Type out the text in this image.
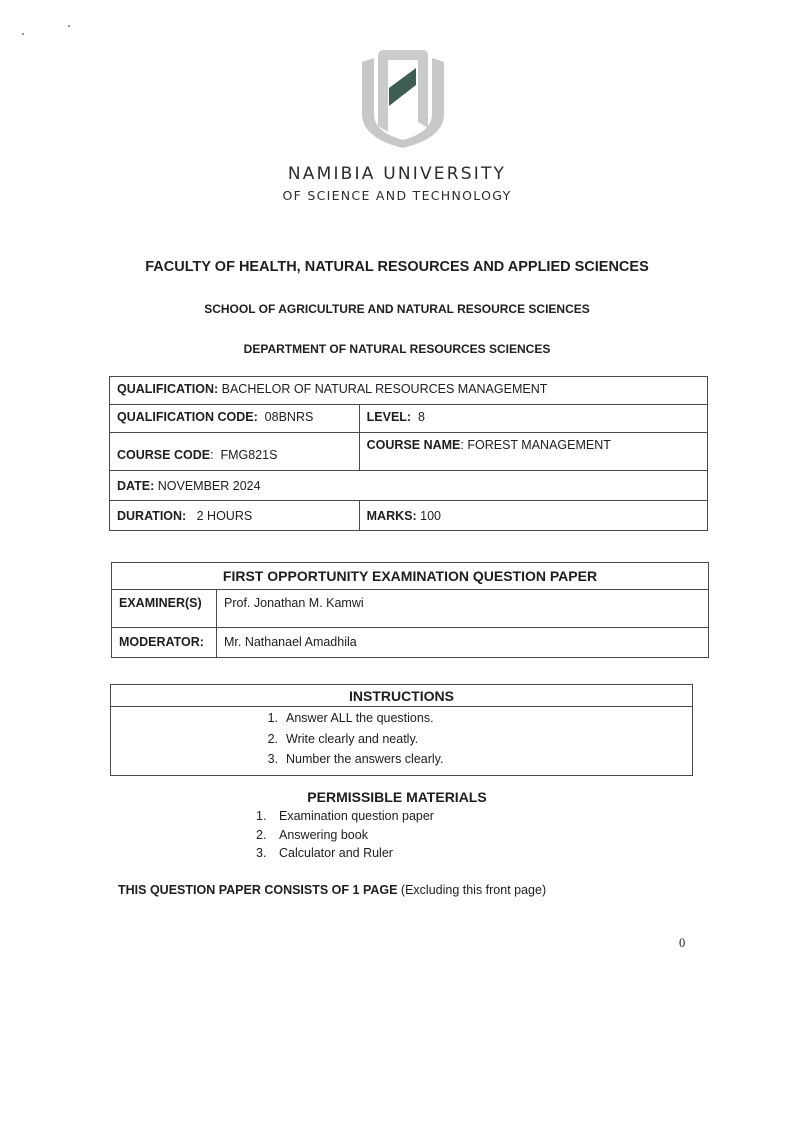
NAMIBIA UNIVERSITY
OF SCIENCE AND TECHNOLOGY
FACULTY OF HEALTH, NATURAL RESOURCES AND APPLIED SCIENCES
SCHOOL OF AGRICULTURE AND NATURAL RESOURCE SCIENCES
DEPARTMENT OF NATURAL RESOURCES SCIENCES
QUALIFICATION: BACHELOR OF NATURAL RESOURCES MANAGEMENT	
QUALIFICATION CODE:  08BNRS	LEVEL:  8
COURSE CODE:  FMG821S	COURSE NAME: FOREST MANAGEMENT
DATE: NOVEMBER 2024	
DURATION:   2 HOURS	MARKS: 100
FIRST OPPORTUNITY EXAMINATION QUESTION PAPER	
EXAMINER(S)	Prof. Jonathan M. Kamwi
MODERATOR:	Mr. Nathanael Amadhila
INSTRUCTIONS

1. Answer ALL the questions.
2. Write clearly and neatly.
3. Number the answers clearly.
PERMISSIBLE MATERIALS
1. Examination question paper
2. Answering book
3. Calculator and Ruler
THIS QUESTION PAPER CONSISTS OF 1 PAGE (Excluding this front page)
0
